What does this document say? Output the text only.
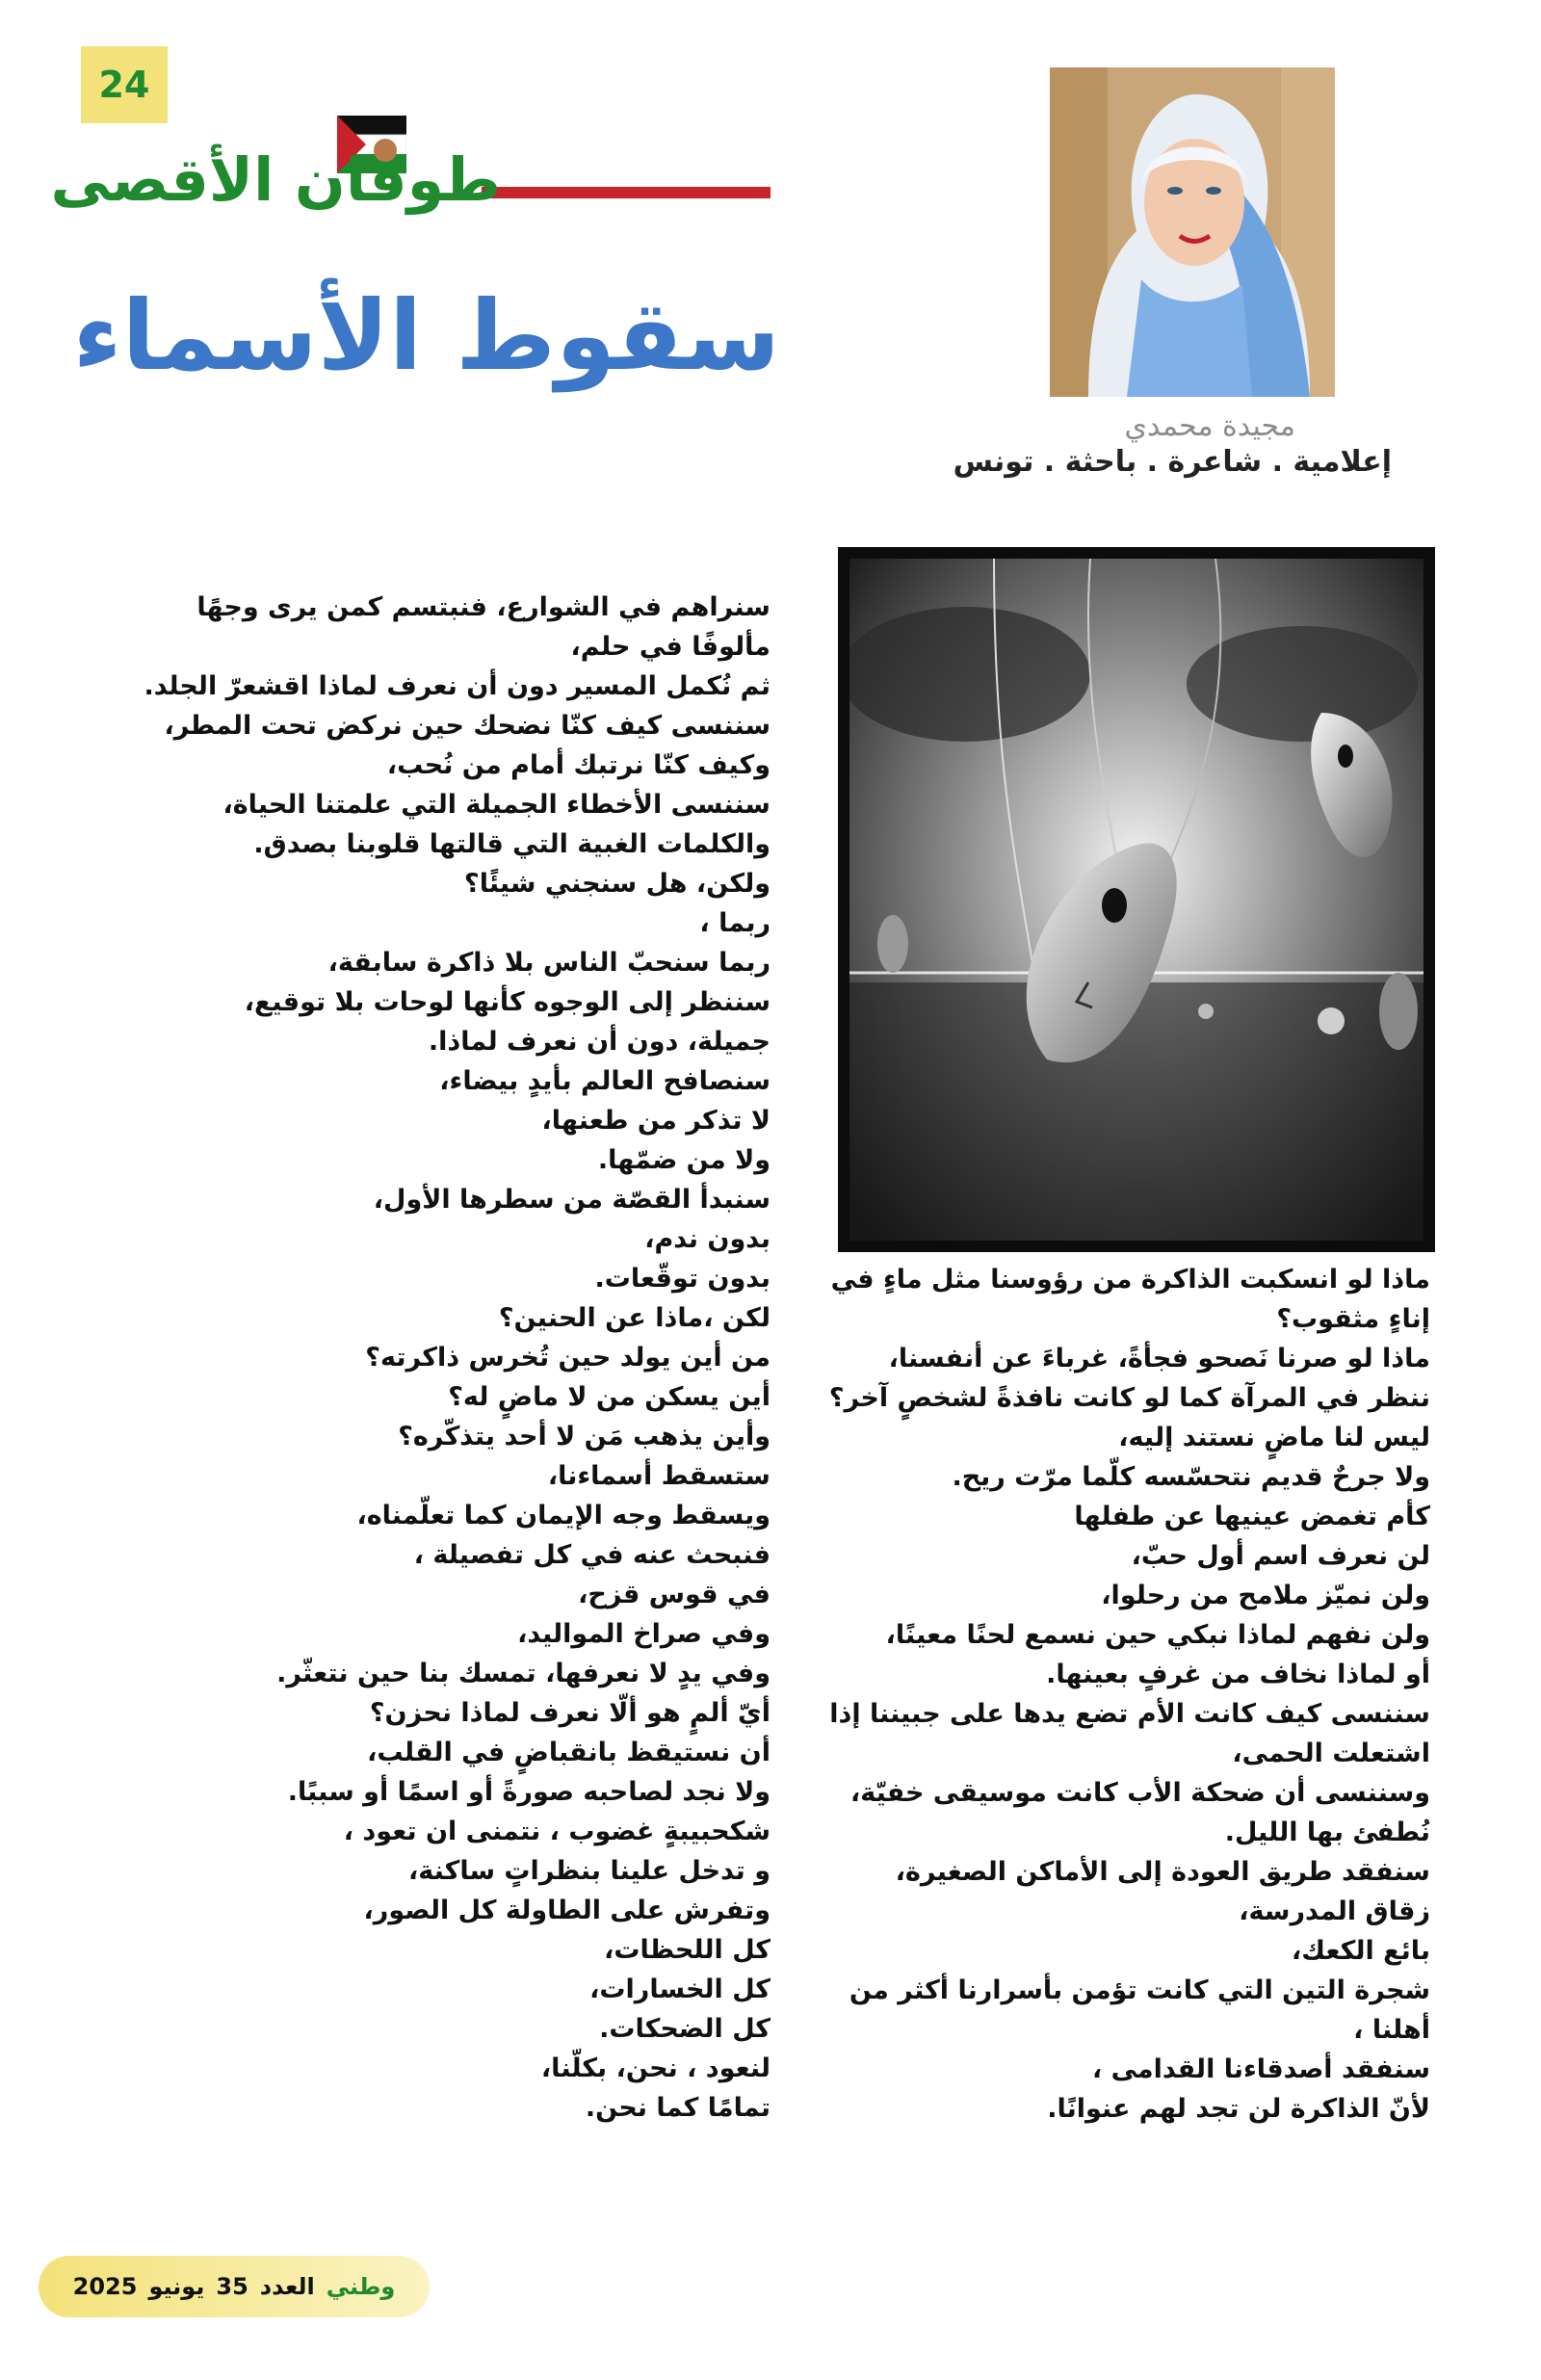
24
طوفان الأقصى
سقوط الأسماء
مجيدة محمدي
إعلامية . شاعرة . باحثة . تونس
سنراهم في الشوارع، فنبتسم كمن يرى وجهًا
مألوفًا في حلم،
ثم نُكمل المسير دون أن نعرف لماذا اقشعرّ الجلد.
سننسى كيف كنّا نضحك حين نركض تحت المطر،
وكيف كنّا نرتبك أمام من نُحب،
سننسى الأخطاء الجميلة التي علمتنا الحياة،
والكلمات الغبية التي قالتها قلوبنا بصدق.
ولكن، هل سنجني شيئًا؟
ربما ،
ربما سنحبّ الناس بلا ذاكرة سابقة،
سننظر إلى الوجوه كأنها لوحات بلا توقيع،
جميلة، دون أن نعرف لماذا.
سنصافح العالم بأيدٍ بيضاء،
لا تذكر من طعنها،
ولا من ضمّها.
سنبدأ القصّة من سطرها الأول،
بدون ندم،
بدون توقّعات.
لكن ،ماذا عن الحنين؟
من أين يولد حين تُخرس ذاكرته؟
أين يسكن من لا ماضٍ له؟
وأين يذهب مَن لا أحد يتذكّره؟
ستسقط أسماءنا،
ويسقط وجه الإيمان كما تعلّمناه،
فنبحث عنه في كل تفصيلة ،
في قوس قزح،
وفي صراخ المواليد،
وفي يدٍ لا نعرفها، تمسك بنا حين نتعثّر.
أيّ ألمٍ هو ألّا نعرف لماذا نحزن؟
أن نستيقظ بانقباضٍ في القلب،
ولا نجد لصاحبه صورةً أو اسمًا أو سببًا.
شكحبيبةٍ غضوب ، نتمنى ان تعود ،
و تدخل علينا بنظراتٍ ساكنة،
وتفرش على الطاولة كل الصور،
كل اللحظات،
كل الخسارات،
كل الضحكات.
لنعود ، نحن، بكلّنا،
تمامًا كما نحن.
ماذا لو انسكبت الذاكرة من رؤوسنا مثل ماءٍ في
إناءٍ مثقوب؟
ماذا لو صرنا نَصحو فجأةً، غرباءَ عن أنفسنا،
ننظر في المرآة كما لو كانت نافذةً لشخصٍ آخر؟
ليس لنا ماضٍ نستند إليه،
ولا جرحٌ قديم نتحسّسه كلّما مرّت ريح.
كأم تغمض عينيها عن طفلها
لن نعرف اسم أول حبّ،
ولن نميّز ملامح من رحلوا،
ولن نفهم لماذا نبكي حين نسمع لحنًا معينًا،
أو لماذا نخاف من غرفٍ بعينها.
سننسى كيف كانت الأم تضع يدها على جبيننا إذا
اشتعلت الحمى،
وسننسى أن ضحكة الأب كانت موسيقى خفيّة،
نُطفئ بها الليل.
سنفقد طريق العودة إلى الأماكن الصغيرة،
زقاق المدرسة،
بائع الكعك،
شجرة التين التي كانت تؤمن بأسرارنا أكثر من
أهلنا ،
سنفقد أصدقاءنا القدامى ،
لأنّ الذاكرة لن تجد لهم عنوانًا.
وطني
العدد
35
يونيو
2025
